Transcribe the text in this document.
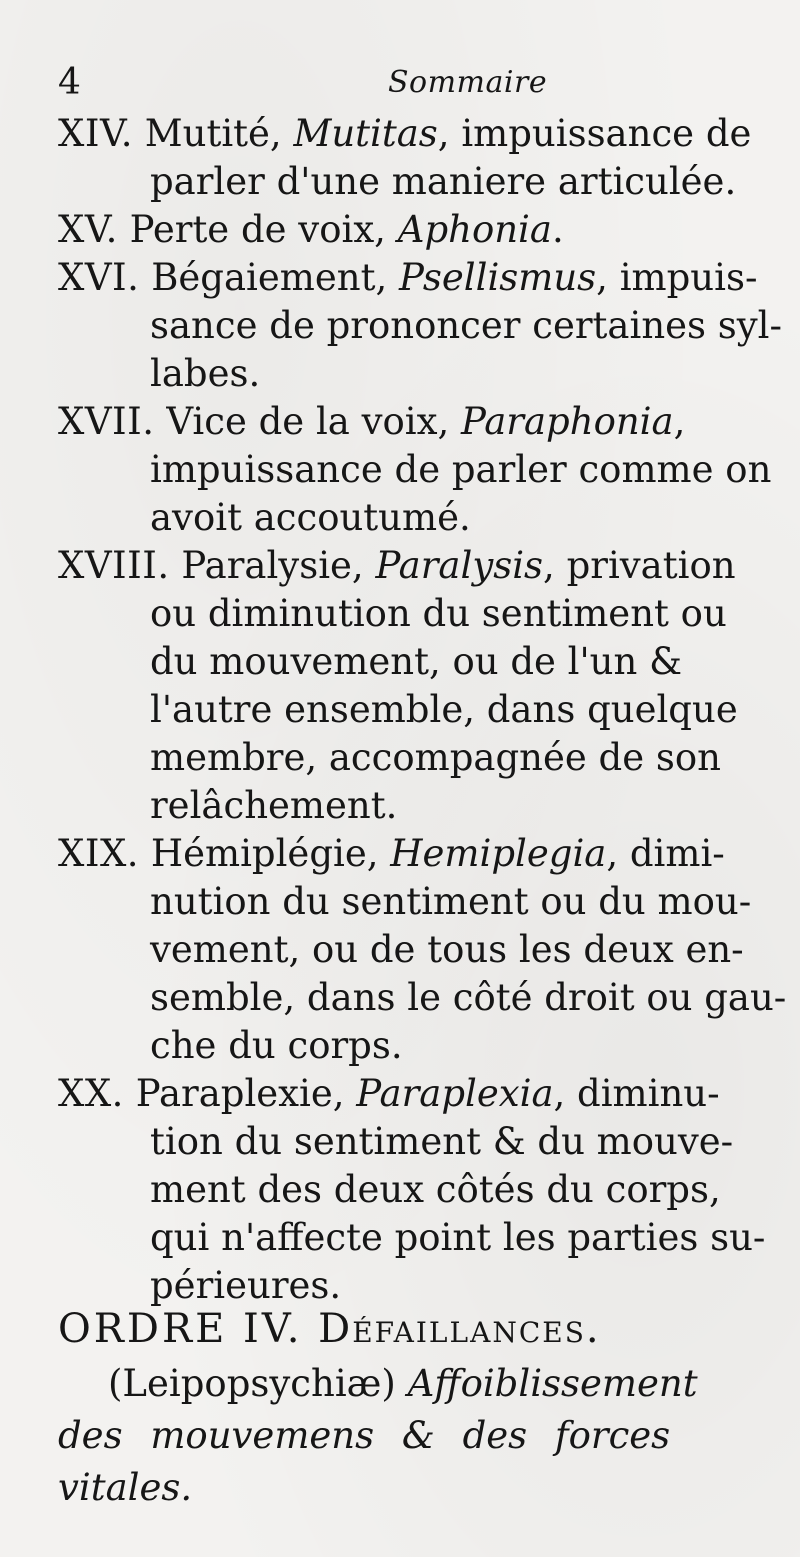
4	Sommaire
XIV. Mutité, Mutitas, impuissance de
parler d'une maniere articulée.
XV. Perte de voix, Aphonia.
XVI. Bégaiement, Psellismus, impuis-
sance de prononcer certaines syl-
labes.
XVII. Vice de la voix, Paraphonia,
impuissance de parler comme on
avoit accoutumé.
XVIII. Paralysie, Paralysis, privation
ou diminution du sentiment ou
du mouvement, ou de l'un &
l'autre ensemble, dans quelque
membre, accompagnée de son
relâchement.
XIX. Hémiplégie, Hemiplegia, dimi-
nution du sentiment ou du mou-
vement, ou de tous les deux en-
semble, dans le côté droit ou gau-
che du corps.
XX. Paraplexie, Paraplexia, diminu-
tion du sentiment & du mouve-
ment des deux côtés du corps,
qui n'affecte point les parties su-
périeures.
ORDRE IV. Défaillances.
(Leipopsychiæ) Affoiblissement
des mouvemens & des forces
vitales.
